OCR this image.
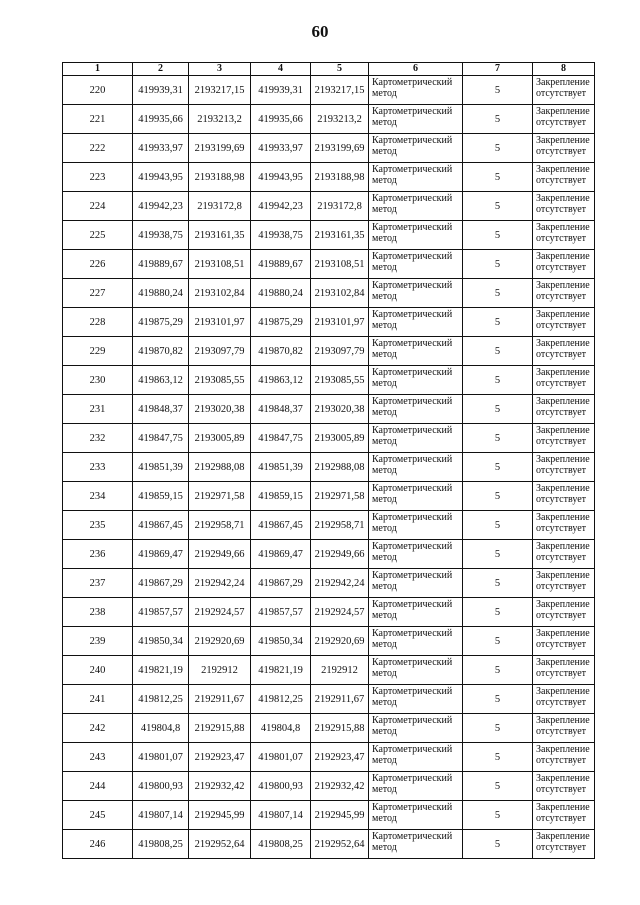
60
1	2	3	4	5	6	7	8
220	419939,31	2193217,15	419939,31	2193217,15	Картометрический метод	5	Закрепление отсутствует
221	419935,66	2193213,2	419935,66	2193213,2	Картометрический метод	5	Закрепление отсутствует
222	419933,97	2193199,69	419933,97	2193199,69	Картометрический метод	5	Закрепление отсутствует
223	419943,95	2193188,98	419943,95	2193188,98	Картометрический метод	5	Закрепление отсутствует
224	419942,23	2193172,8	419942,23	2193172,8	Картометрический метод	5	Закрепление отсутствует
225	419938,75	2193161,35	419938,75	2193161,35	Картометрический метод	5	Закрепление отсутствует
226	419889,67	2193108,51	419889,67	2193108,51	Картометрический метод	5	Закрепление отсутствует
227	419880,24	2193102,84	419880,24	2193102,84	Картометрический метод	5	Закрепление отсутствует
228	419875,29	2193101,97	419875,29	2193101,97	Картометрический метод	5	Закрепление отсутствует
229	419870,82	2193097,79	419870,82	2193097,79	Картометрический метод	5	Закрепление отсутствует
230	419863,12	2193085,55	419863,12	2193085,55	Картометрический метод	5	Закрепление отсутствует
231	419848,37	2193020,38	419848,37	2193020,38	Картометрический метод	5	Закрепление отсутствует
232	419847,75	2193005,89	419847,75	2193005,89	Картометрический метод	5	Закрепление отсутствует
233	419851,39	2192988,08	419851,39	2192988,08	Картометрический метод	5	Закрепление отсутствует
234	419859,15	2192971,58	419859,15	2192971,58	Картометрический метод	5	Закрепление отсутствует
235	419867,45	2192958,71	419867,45	2192958,71	Картометрический метод	5	Закрепление отсутствует
236	419869,47	2192949,66	419869,47	2192949,66	Картометрический метод	5	Закрепление отсутствует
237	419867,29	2192942,24	419867,29	2192942,24	Картометрический метод	5	Закрепление отсутствует
238	419857,57	2192924,57	419857,57	2192924,57	Картометрический метод	5	Закрепление отсутствует
239	419850,34	2192920,69	419850,34	2192920,69	Картометрический метод	5	Закрепление отсутствует
240	419821,19	2192912	419821,19	2192912	Картометрический метод	5	Закрепление отсутствует
241	419812,25	2192911,67	419812,25	2192911,67	Картометрический метод	5	Закрепление отсутствует
242	419804,8	2192915,88	419804,8	2192915,88	Картометрический метод	5	Закрепление отсутствует
243	419801,07	2192923,47	419801,07	2192923,47	Картометрический метод	5	Закрепление отсутствует
244	419800,93	2192932,42	419800,93	2192932,42	Картометрический метод	5	Закрепление отсутствует
245	419807,14	2192945,99	419807,14	2192945,99	Картометрический метод	5	Закрепление отсутствует
246	419808,25	2192952,64	419808,25	2192952,64	Картометрический метод	5	Закрепление отсутствует
